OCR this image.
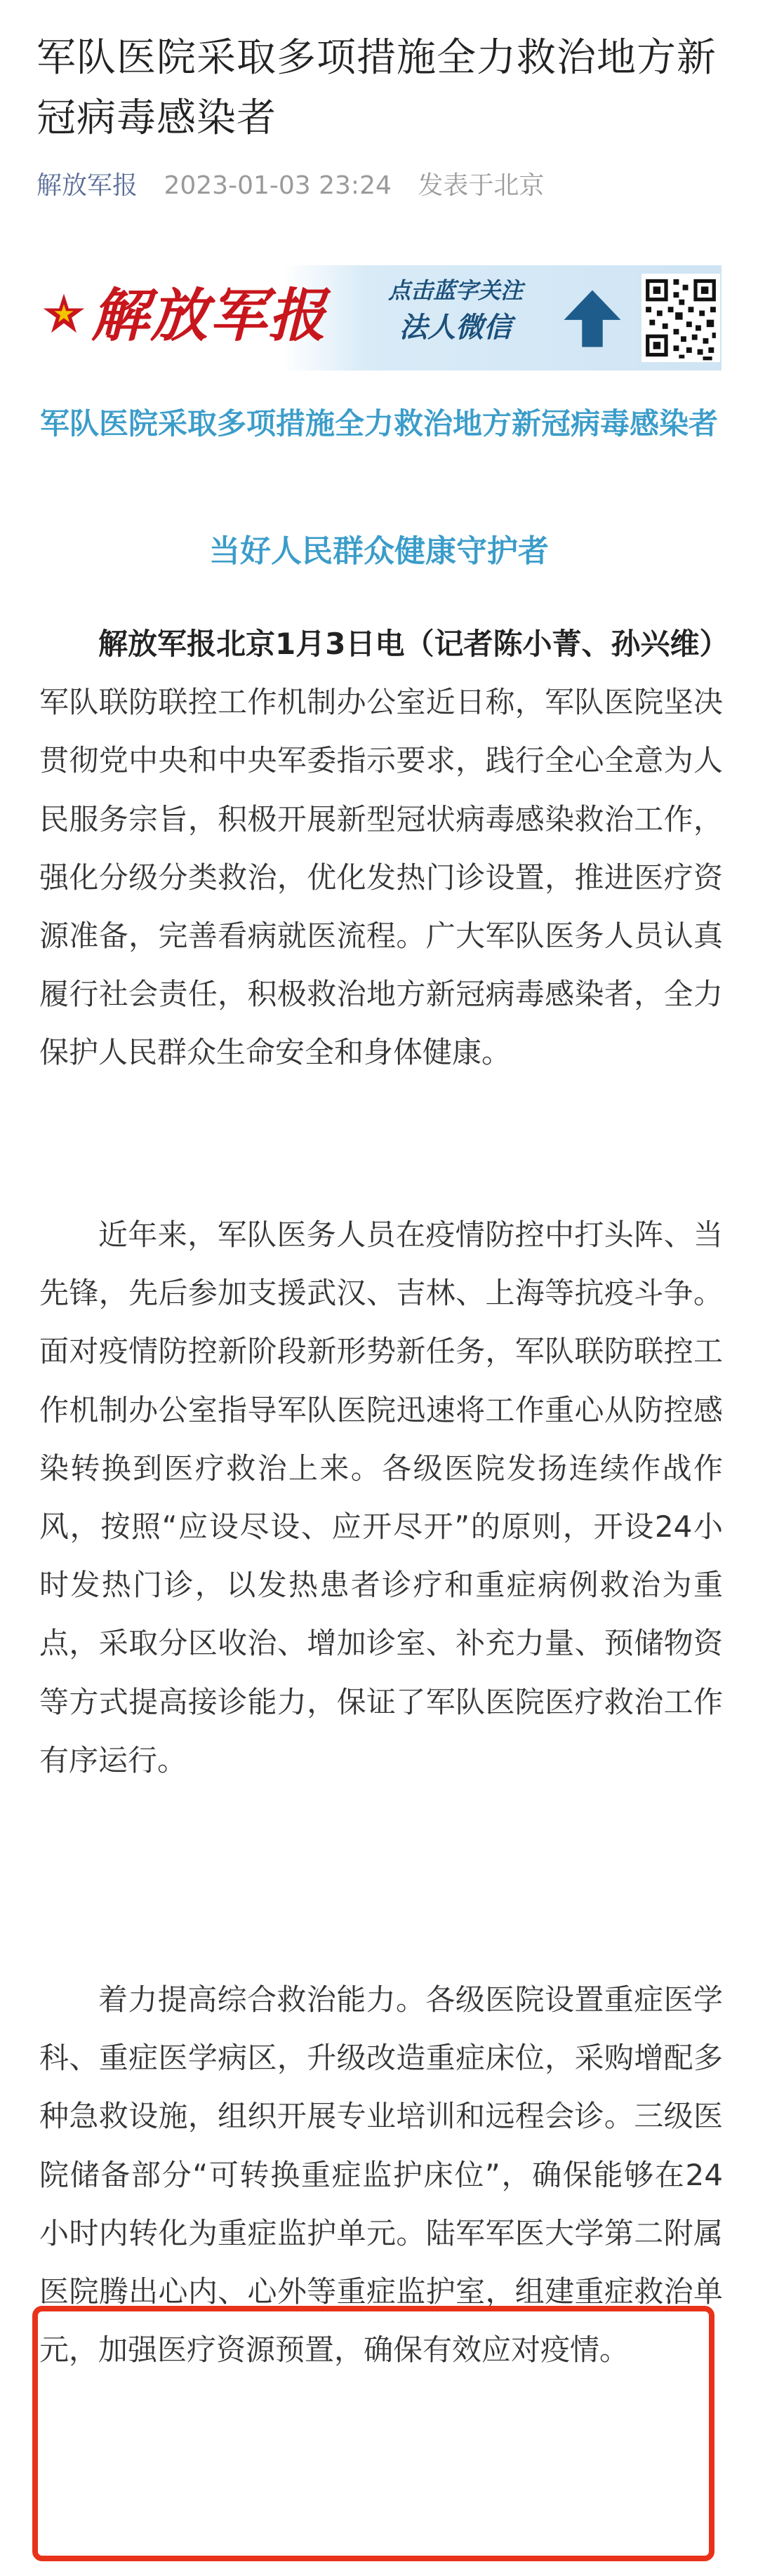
军队医院采取多项措施全力救治地方新冠病毒感染者
解放军报 2023-01-03 23:24 发表于北京
解放军报	点击蓝字关注
法人微信
军队医院采取多项措施全力救治地方新冠病毒感染者
当好人民群众健康守护者

解放军报北京1月3日电（记者陈小菁、孙兴维）军队联防联控工作机制办公室近日称，军队医院坚决贯彻党中央和中央军委指示要求，践行全心全意为人民服务宗旨，积极开展新型冠状病毒感染救治工作，强化分级分类救治，优化发热门诊设置，推进医疗资源准备，完善看病就医流程。广大军队医务人员认真履行社会责任，积极救治地方新冠病毒感染者，全力保护人民群众生命安全和身体健康。

近年来，军队医务人员在疫情防控中打头阵、当先锋，先后参加支援武汉、吉林、上海等抗疫斗争。面对疫情防控新阶段新形势新任务，军队联防联控工作机制办公室指导军队医院迅速将工作重心从防控感染转换到医疗救治上来。各级医院发扬连续作战作风，按照“应设尽设、应开尽开”的原则，开设24小时发热门诊，以发热患者诊疗和重症病例救治为重点，采取分区收治、增加诊室、补充力量、预储物资等方式提高接诊能力，保证了军队医院医疗救治工作有序运行。

着力提高综合救治能力。各级医院设置重症医学科、重症医学病区，升级改造重症床位，采购增配多种急救设施，组织开展专业培训和远程会诊。三级医院储备部分“可转换重症监护床位”，确保能够在24小时内转化为重症监护单元。陆军军医大学第二附属医院腾出心内、心外等重症监护室，组建重症救治单元，加强医疗资源预置，确保有效应对疫情。
